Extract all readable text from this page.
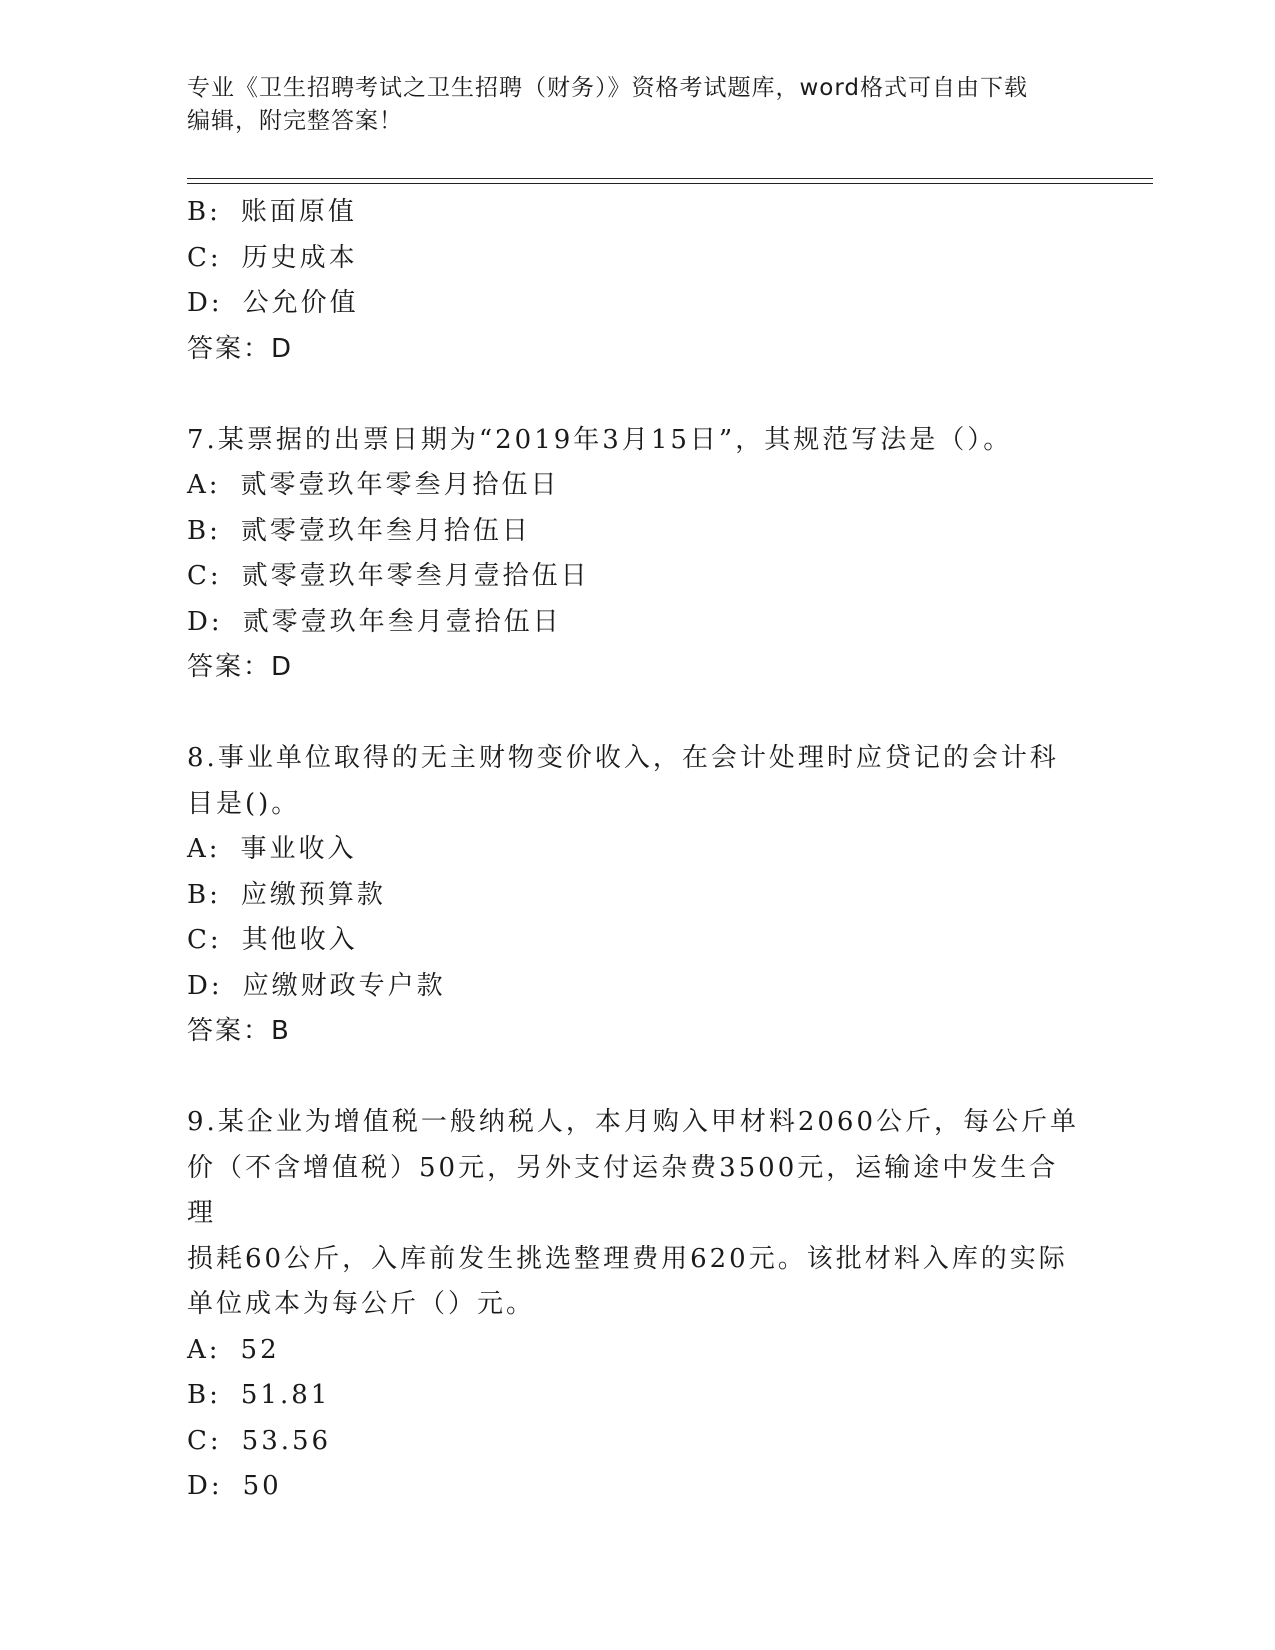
专业《卫生招聘考试之卫生招聘（财务）》资格考试题库，word格式可自由下载
编辑，附完整答案！
B: 账面原值
C: 历史成本
D: 公允价值
答案：D
7.某票据的出票日期为“2019年3月15日”，其规范写法是（）。
A: 贰零壹玖年零叁月拾伍日
B: 贰零壹玖年叁月拾伍日
C: 贰零壹玖年零叁月壹拾伍日
D: 贰零壹玖年叁月壹拾伍日
答案：D
8.事业单位取得的无主财物变价收入，在会计处理时应贷记的会计科
目是()。
A: 事业收入
B: 应缴预算款
C: 其他收入
D: 应缴财政专户款
答案：B
9.某企业为增值税一般纳税人，本月购入甲材料2060公斤，每公斤单
价（不含增值税）50元，另外支付运杂费3500元，运输途中发生合理
损耗60公斤，入库前发生挑选整理费用620元。该批材料入库的实际
单位成本为每公斤（）元。
A: 52
B: 51.81
C: 53.56
D: 50
